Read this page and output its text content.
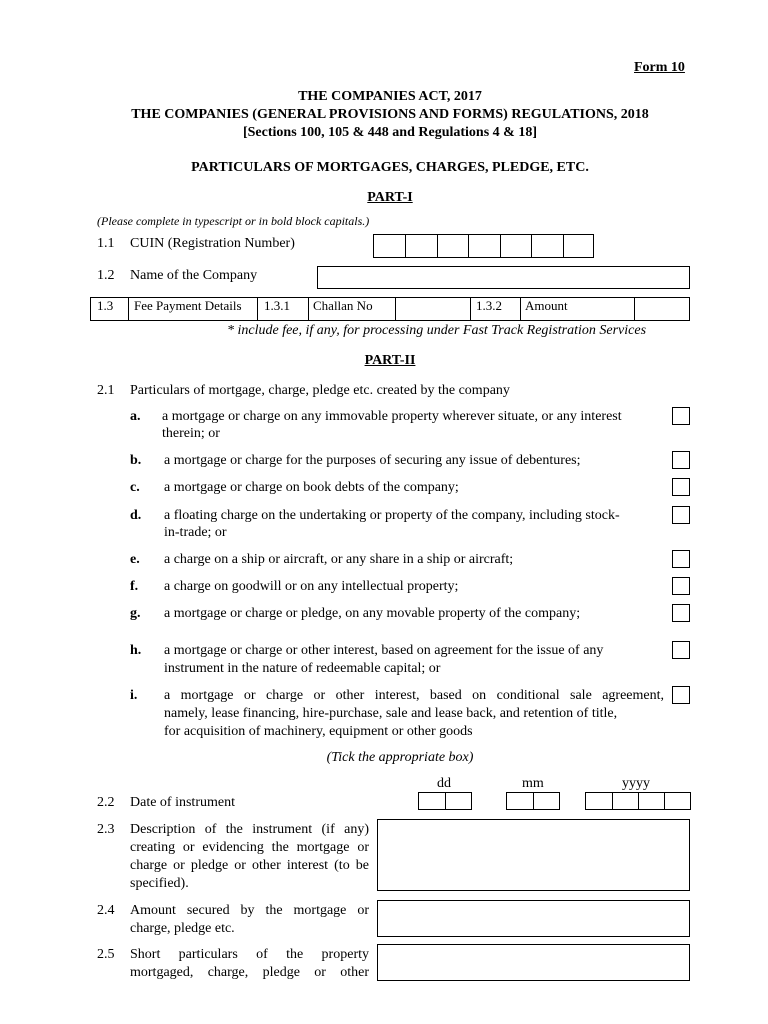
Form 10
THE COMPANIES ACT, 2017
THE COMPANIES (GENERAL PROVISIONS AND FORMS) REGULATIONS, 2018
[Sections 100, 105 & 448 and Regulations 4 & 18]
PARTICULARS OF MORTGAGES, CHARGES, PLEDGE, ETC.
PART-I
(Please complete in typescript or in bold block capitals.)
1.1 CUIN (Registration Number)
1.2 Name of the Company
1.3 Fee Payment Details 1.3.1 Challan No	1.3.2 Amount
* include fee, if any, for processing under Fast Track Registration Services
PART-II
2.1 Particulars of mortgage, charge, pledge etc. created by the company
a. a mortgage or charge on any immovable property wherever situate, or any interest
therein; or
b. a mortgage or charge for the purposes of securing any issue of debentures;
c. a mortgage or charge on book debts of the company;
d. a floating charge on the undertaking or property of the company, including stock-
in-trade; or
e. a charge on a ship or aircraft, or any share in a ship or aircraft;
f. a charge on goodwill or on any intellectual property;
g. a mortgage or charge or pledge, on any movable property of the company;
h. a mortgage or charge or other interest, based on agreement for the issue of any
instrument in the nature of redeemable capital; or
i. a mortgage or charge or other interest, based on conditional sale agreement,
namely, lease financing, hire-purchase, sale and lease back, and retention of title,
for acquisition of machinery, equipment or other goods
(Tick the appropriate box)
dd	mm	yyyy
2.2 Date of instrument
2.3 Description of the instrument (if any)
creating or evidencing the mortgage or
charge or pledge or other interest (to be
specified).
2.4 Amount secured by the mortgage or
charge, pledge etc.
2.5 Short particulars of the property
mortgaged, charge, pledge or other
